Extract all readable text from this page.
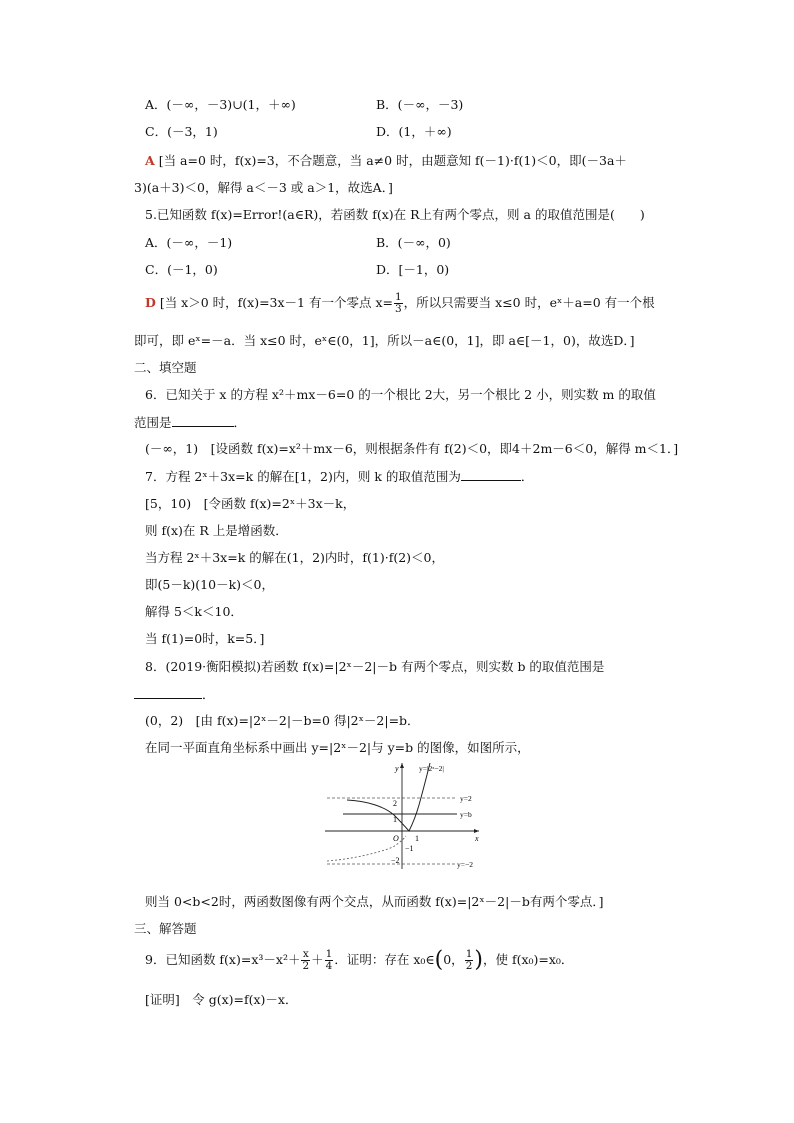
A．(－∞，－3)∪(1，＋∞)	B．(－∞，－3)
C．(－3，1)	D．(1，＋∞)
A [当 a=0 时，f(x)=3，不合题意，当 a≠0 时，由题意知 f(－1)·f(1)＜0，即(－3a＋
3)(a＋3)＜0，解得 a＜－3 或 a＞1，故选A．]
5.已知函数 f(x)=Error!(a∈R)，若函数 f(x)在 R上有两个零点，则 a 的取值范围是(　　)
A．(－∞，－1)	B．(－∞，0)
C．(－1，0)	D．[－1，0)
D [当 x＞0 时，f(x)=3x－1 有一个零点 $x= \frac{1}{3}$ ，所以只需要当 x≤0 时，eˣ＋a=0 有一个根
即可，即 eˣ=－a．当 x≤0 时，eˣ∈(0，1]，所以－a∈(0，1]，即 a∈[－1，0)，故选D．]
二、填空题
6．已知关于 x 的方程 x²＋mx－6=0 的一个根比 2大，另一个根比 2 小，则实数 m 的取值
范围是	．
(－∞，1)　[设函数 f(x)=x²＋mx－6，则根据条件有 f(2)＜0，即4＋2m－6＜0，解得 m＜1．]
7．方程 2ˣ＋3x=k 的解在[1，2)内，则 k 的取值范围为	．
[5，10)　[令函数 f(x)=2ˣ＋3x－k，
则 f(x)在 R 上是增函数．
当方程 2ˣ＋3x=k 的解在(1，2)内时，f(1)·f(2)＜0，
即(5－k)(10－k)＜0，
解得 5＜k＜10．
当 f(1)=0时，k=5．]
8．(2019·衡阳模拟)若函数 f(x)=|2ˣ－2|－b 有两个零点，则实数 b 的取值范围是
．
(0，2)　[由 f(x)=|2ˣ－2|－b=0 得|2ˣ－2|=b．
在同一平面直角坐标系中画出 y=|2ˣ－2|与 y=b 的图像，如图所示，
y
x
y=|2ˣ−2|
y=2
y=b
y=−2
2
1
O 1
−1
−2
则当 0<b<2时，两函数图像有两个交点，从而函数 f(x)=|2ˣ－2|－b有两个零点．]
三、解答题
9．已知函数 $f(x)=x^3-x^2+ \frac{x}{2} + \frac{1}{4}$ ．证明：存在 x₀∈(0， $\frac{1}{2}$ )，使 f(x₀)=x₀．
[证明]　令 g(x)=f(x)－x．
